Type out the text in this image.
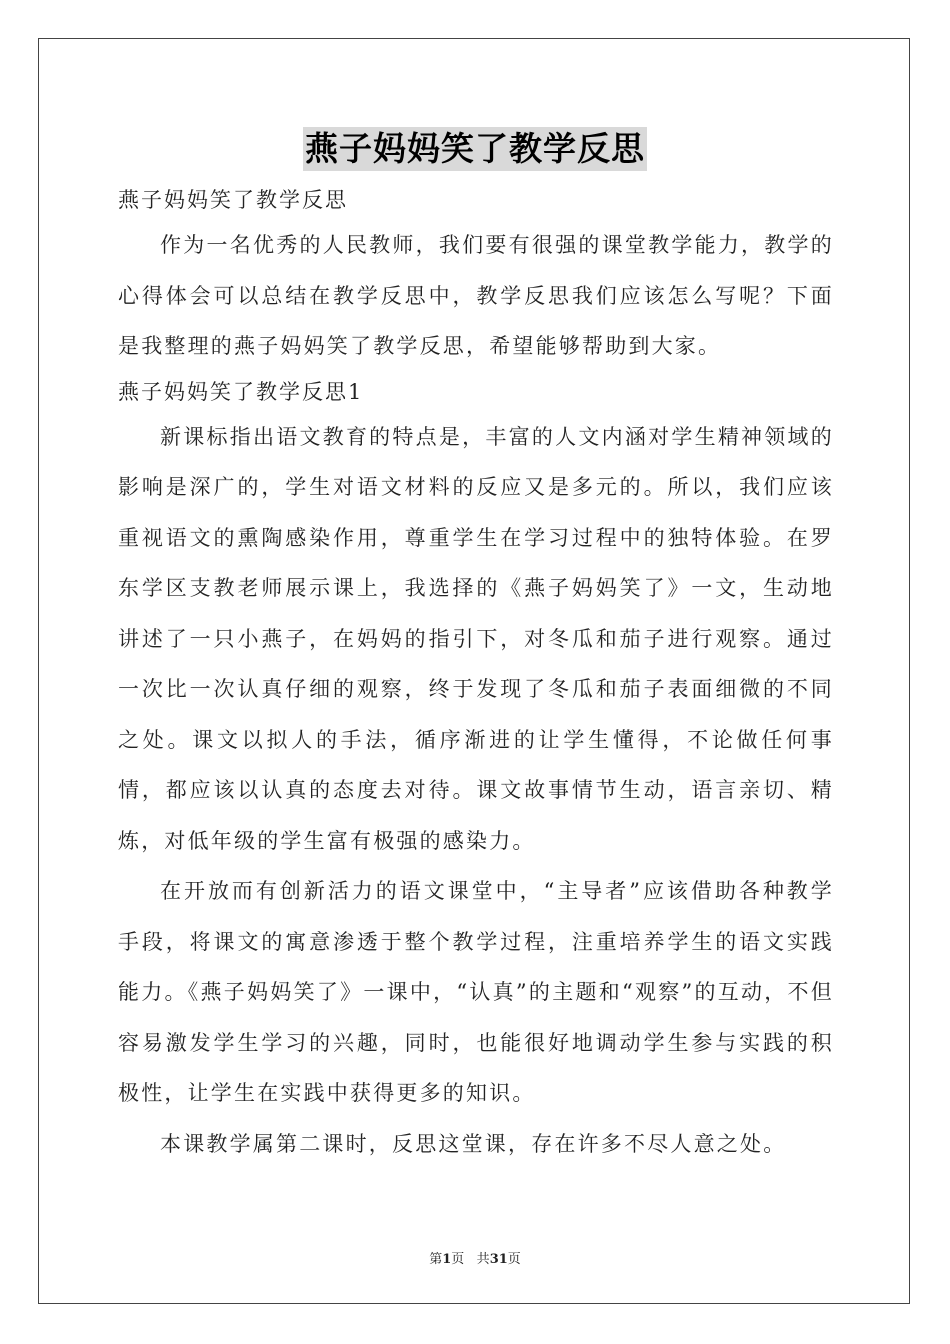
燕子妈妈笑了教学反思

燕子妈妈笑了教学反思

作为一名优秀的人民教师，我们要有很强的课堂教学能力，教学的心得体会可以总结在教学反思中，教学反思我们应该怎么写呢？下面是我整理的燕子妈妈笑了教学反思，希望能够帮助到大家。

燕子妈妈笑了教学反思1

新课标指出语文教育的特点是，丰富的人文内涵对学生精神领域的影响是深广的，学生对语文材料的反应又是多元的。所以，我们应该重视语文的熏陶感染作用，尊重学生在学习过程中的独特体验。在罗东学区支教老师展示课上，我选择的《燕子妈妈笑了》一文，生动地讲述了一只小燕子，在妈妈的指引下，对冬瓜和茄子进行观察。通过一次比一次认真仔细的观察，终于发现了冬瓜和茄子表面细微的不同之处。课文以拟人的手法，循序渐进的让学生懂得，不论做任何事情，都应该以认真的态度去对待。课文故事情节生动，语言亲切、精炼，对低年级的学生富有极强的感染力。

在开放而有创新活力的语文课堂中，“主导者”应该借助各种教学手段，将课文的寓意渗透于整个教学过程，注重培养学生的语文实践能力。《燕子妈妈笑了》一课中，“认真”的主题和“观察”的互动，不但容易激发学生学习的兴趣，同时，也能很好地调动学生参与实践的积极性，让学生在实践中获得更多的知识。

本课教学属第二课时，反思这堂课，存在许多不尽人意之处。

第1页 共31页
